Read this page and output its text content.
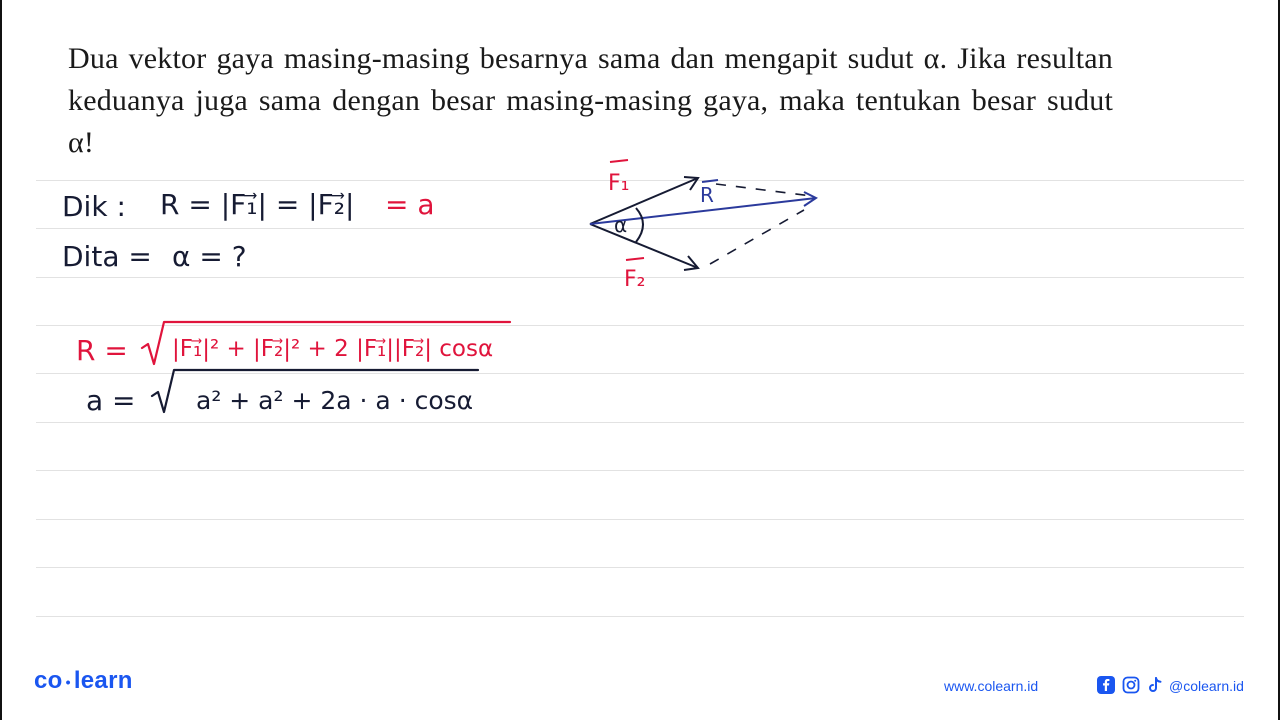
Dua vektor gaya masing-masing besarnya sama dan mengapit sudut α. Jika resultan keduanya juga sama dengan besar masing-masing gaya, maka tentukan besar sudut α!
Dik : R = |F₁⃗| = |F₂⃗| = a
Dita = α = ?
R = |F₁⃗|² + |F₂⃗|² + 2 |F₁⃗||F₂⃗| cosα
a = a² + a² + 2a · a · cosα
α
F₁
F₂
R
co • learn	www.colearn.id	@colearn.id
